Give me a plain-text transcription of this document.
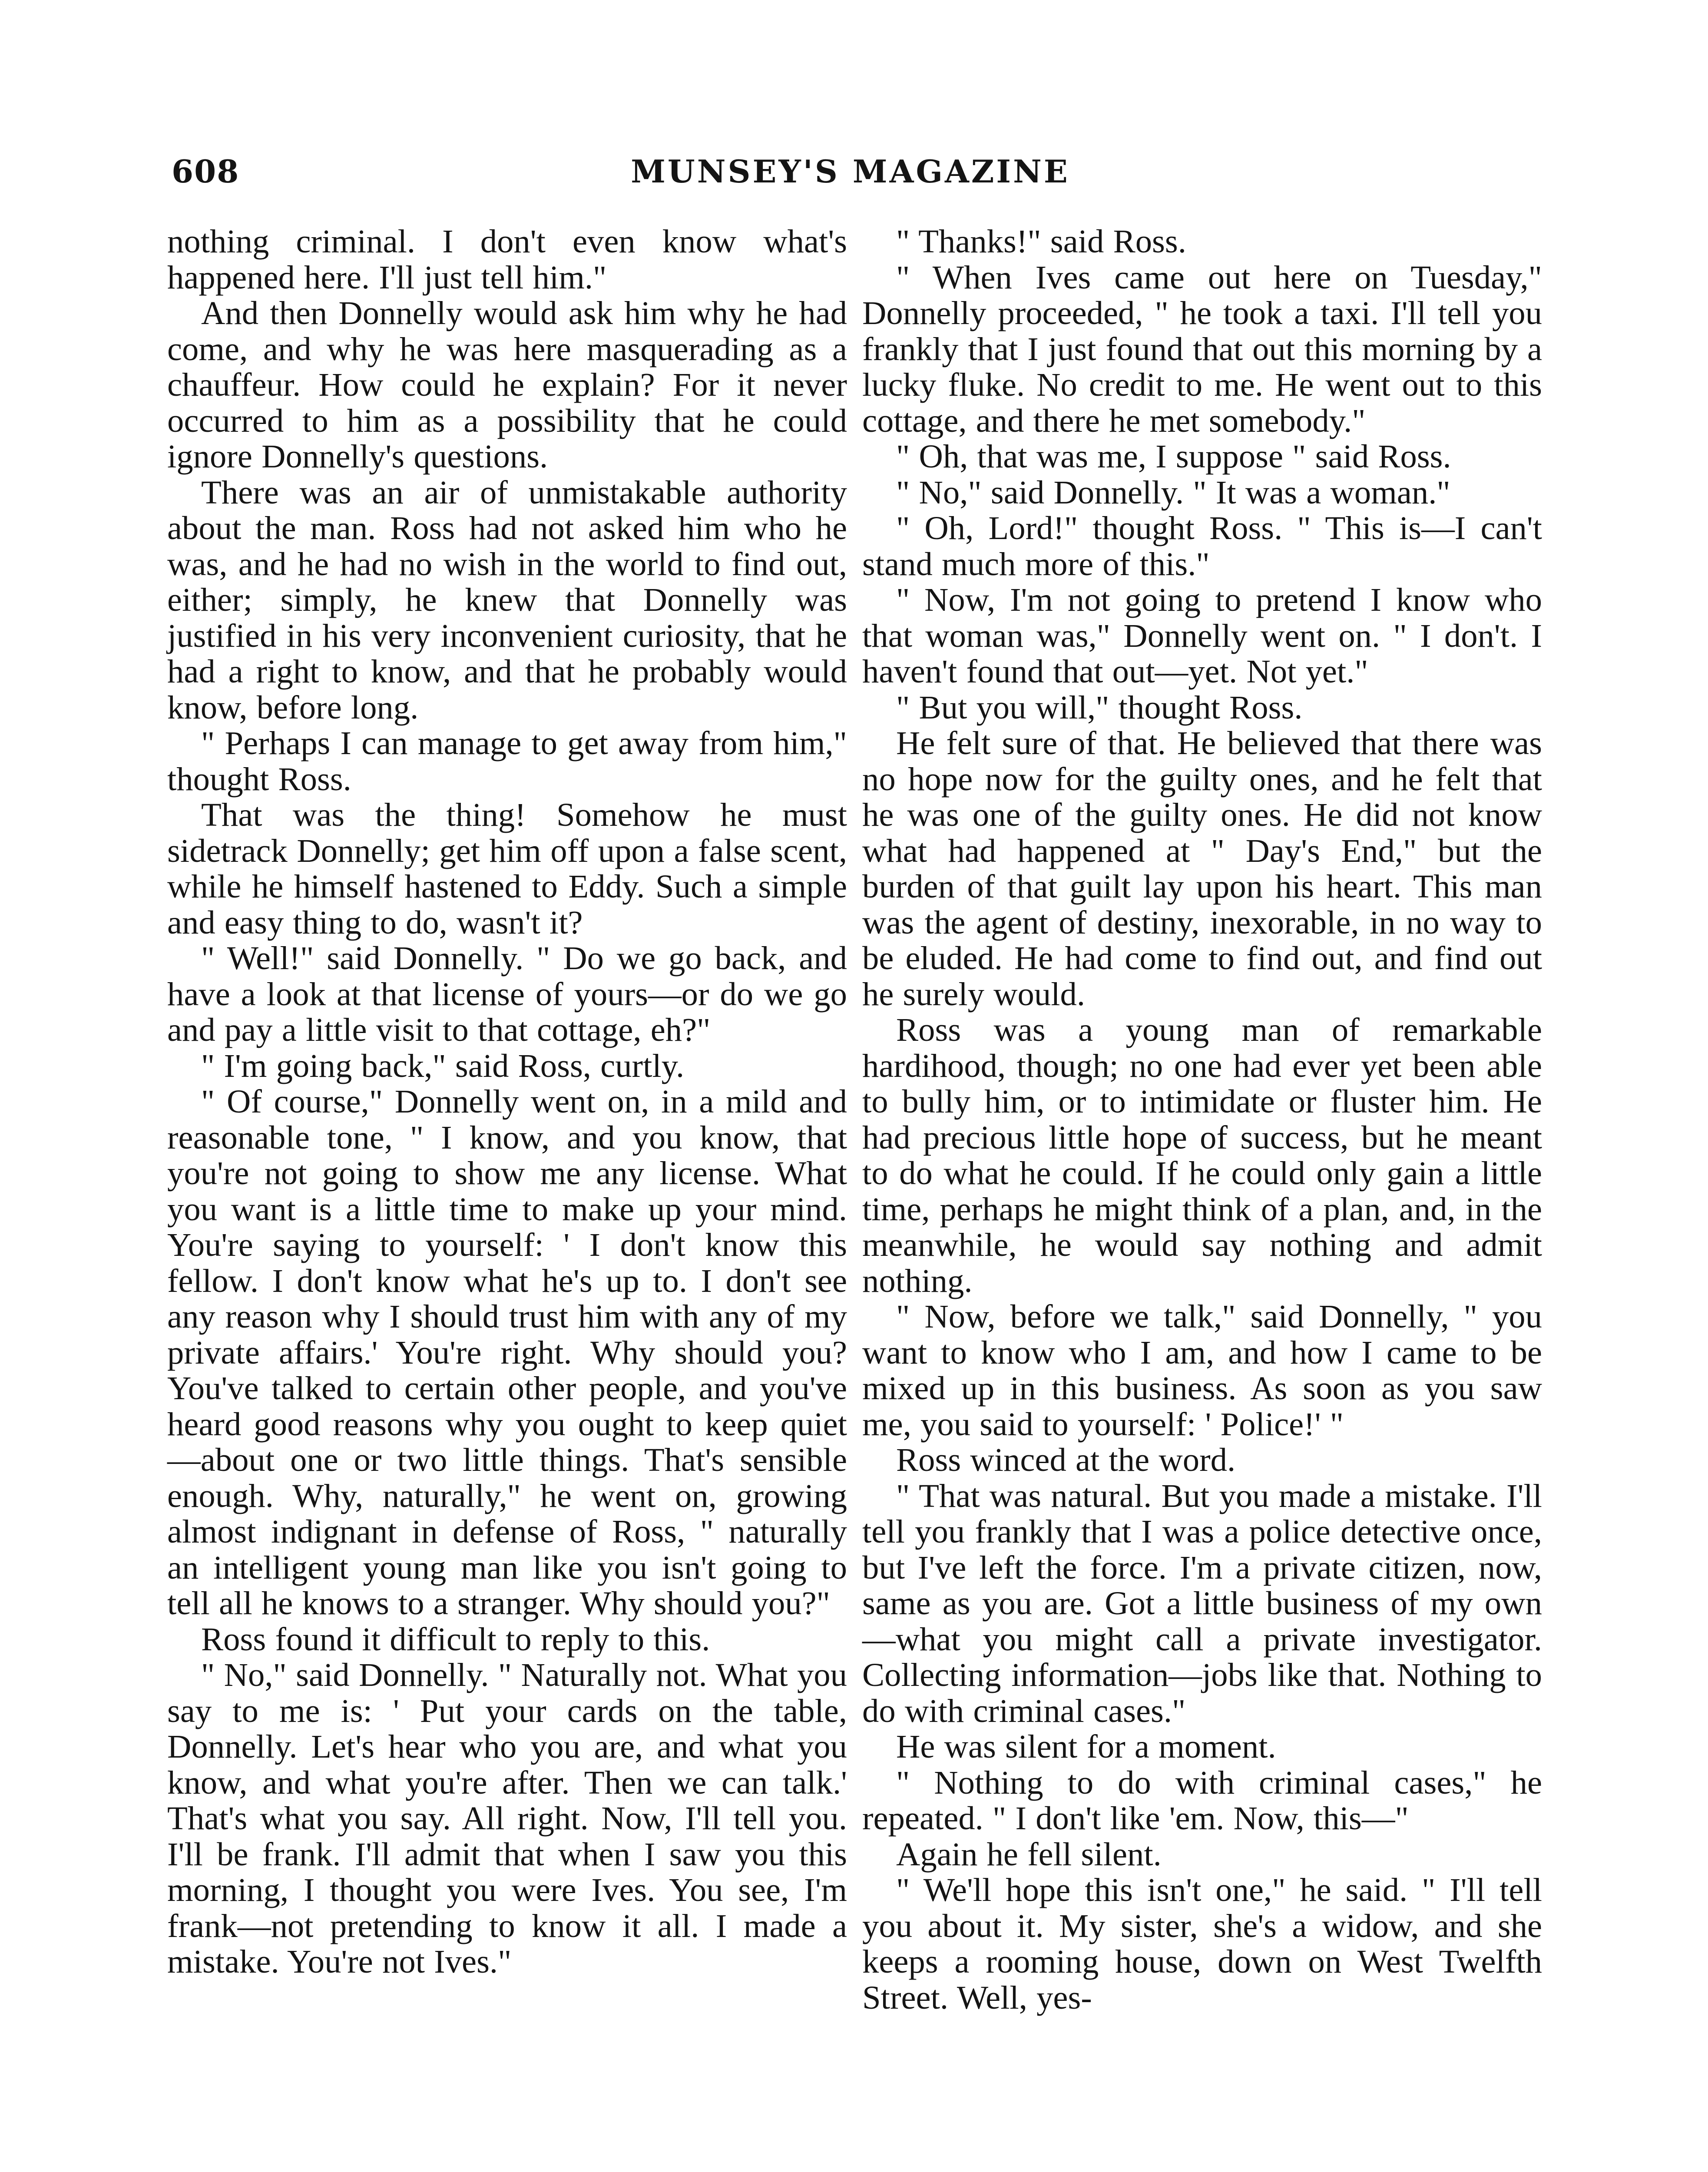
608	MUNSEY'S MAGAZINE

nothing criminal. I don't even know what's happened here. I'll just tell him."

And then Donnelly would ask him why he had come, and why he was here masquerading as a chauffeur. How could he explain? For it never occurred to him as a possibility that he could ignore Donnelly's questions.

There was an air of unmistakable authority about the man. Ross had not asked him who he was, and he had no wish in the world to find out, either; simply, he knew that Donnelly was justified in his very inconvenient curiosity, that he had a right to know, and that he probably would know, before long.

" Perhaps I can manage to get away from him," thought Ross.

That was the thing! Somehow he must sidetrack Donnelly; get him off upon a false scent, while he himself hastened to Eddy. Such a simple and easy thing to do, wasn't it?

" Well!" said Donnelly. " Do we go back, and have a look at that license of yours—or do we go and pay a little visit to that cottage, eh?"

" I'm going back," said Ross, curtly.

" Of course," Donnelly went on, in a mild and reasonable tone, " I know, and you know, that you're not going to show me any license. What you want is a little time to make up your mind. You're saying to yourself: ' I don't know this fellow. I don't know what he's up to. I don't see any reason why I should trust him with any of my private affairs.' You're right. Why should you? You've talked to certain other people, and you've heard good reasons why you ought to keep quiet—about one or two little things. That's sensible enough. Why, naturally," he went on, growing almost indignant in defense of Ross, " naturally an intelligent young man like you isn't going to tell all he knows to a stranger. Why should you?"

Ross found it difficult to reply to this.

" No," said Donnelly. " Naturally not. What you say to me is: ' Put your cards on the table, Donnelly. Let's hear who you are, and what you know, and what you're after. Then we can talk.' That's what you say. All right. Now, I'll tell you. I'll be frank. I'll admit that when I saw you this morning, I thought you were Ives. You see, I'm frank—not pretending to know it all. I made a mistake. You're not Ives."

" Thanks!" said Ross.

" When Ives came out here on Tuesday," Donnelly proceeded, " he took a taxi. I'll tell you frankly that I just found that out this morning by a lucky fluke. No credit to me. He went out to this cottage, and there he met somebody."

" Oh, that was me, I suppose " said Ross.

" No," said Donnelly. " It was a woman."

" Oh, Lord!" thought Ross. " This is—I can't stand much more of this."

" Now, I'm not going to pretend I know who that woman was," Donnelly went on. " I don't. I haven't found that out—yet. Not yet."

" But you will," thought Ross.

He felt sure of that. He believed that there was no hope now for the guilty ones, and he felt that he was one of the guilty ones. He did not know what had happened at " Day's End," but the burden of that guilt lay upon his heart. This man was the agent of destiny, inexorable, in no way to be eluded. He had come to find out, and find out he surely would.

Ross was a young man of remarkable hardihood, though; no one had ever yet been able to bully him, or to intimidate or fluster him. He had precious little hope of success, but he meant to do what he could. If he could only gain a little time, perhaps he might think of a plan, and, in the meanwhile, he would say nothing and admit nothing.

" Now, before we talk," said Donnelly, " you want to know who I am, and how I came to be mixed up in this business. As soon as you saw me, you said to yourself: ' Police!' "

Ross winced at the word.

" That was natural. But you made a mistake. I'll tell you frankly that I was a police detective once, but I've left the force. I'm a private citizen, now, same as you are. Got a little business of my own—what you might call a private investigator. Collecting information—jobs like that. Nothing to do with criminal cases."

He was silent for a moment.

" Nothing to do with criminal cases," he repeated. " I don't like 'em. Now, this—"

Again he fell silent.

" We'll hope this isn't one," he said. " I'll tell you about it. My sister, she's a widow, and she keeps a rooming house, down on West Twelfth Street. Well, yes-
